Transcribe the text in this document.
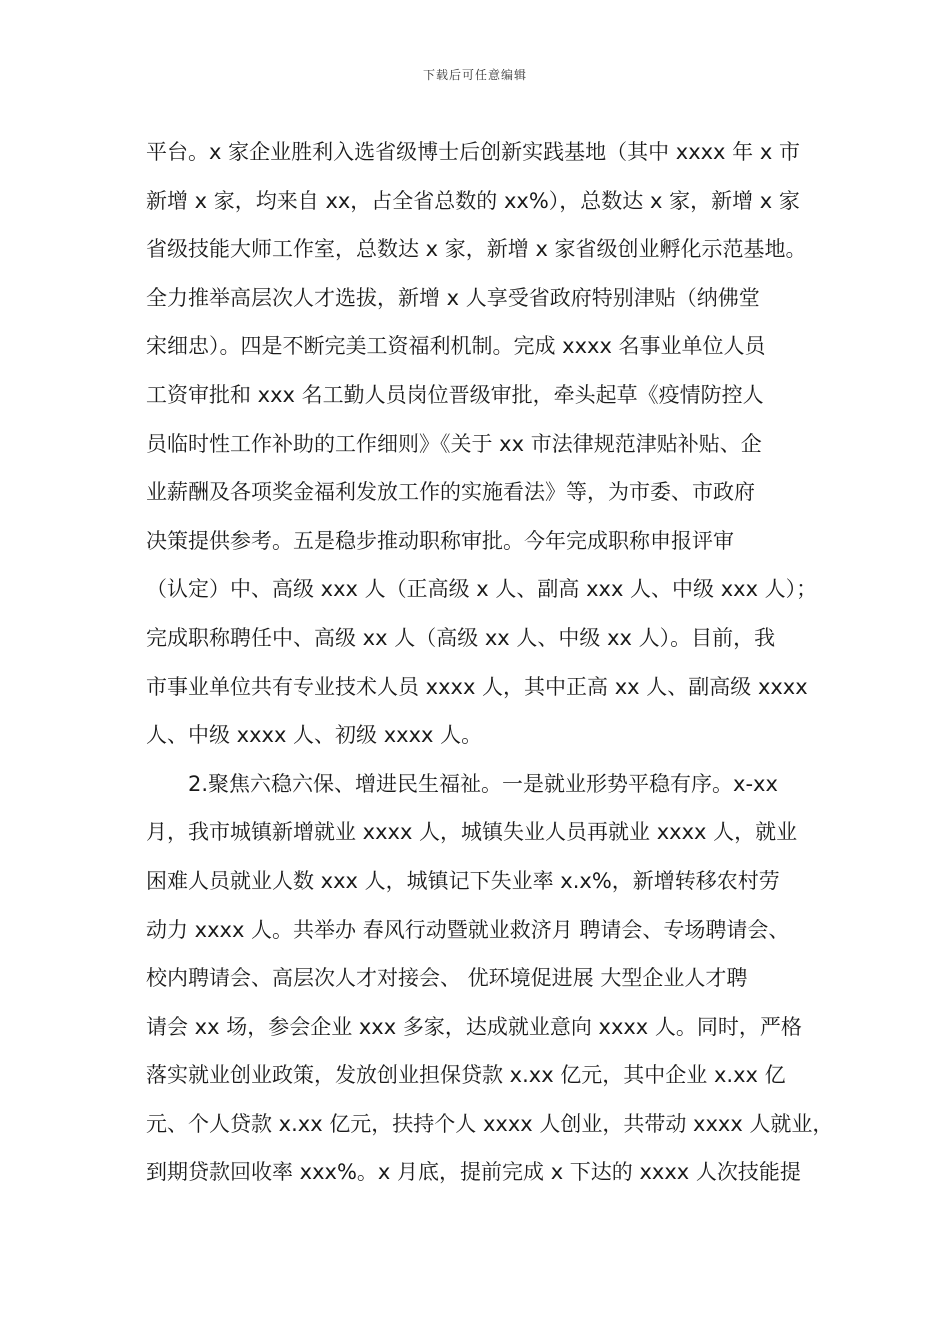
下载后可任意编辑
平台。x 家企业胜利入选省级博士后创新实践基地（其中 xxxx 年 x 市
新增 x 家，均来自 xx，占全省总数的 xx%），总数达 x 家，新增 x 家
省级技能大师工作室，总数达 x 家，新增 x 家省级创业孵化示范基地。
全力推举高层次人才选拔，新增 x 人享受省政府特别津贴（纳佛堂
宋细忠）。四是不断完美工资福利机制。完成 xxxx 名事业单位人员
工资审批和 xxx 名工勤人员岗位晋级审批，牵头起草《疫情防控人
员临时性工作补助的工作细则》《关于 xx 市法律规范津贴补贴、企
业薪酬及各项奖金福利发放工作的实施看法》等，为市委、市政府
决策提供参考。五是稳步推动职称审批。今年完成职称申报评审
（认定）中、高级 xxx 人（正高级 x 人、副高 xxx 人、中级 xxx 人）；
完成职称聘任中、高级 xx 人（高级 xx 人、中级 xx 人）。目前，我
市事业单位共有专业技术人员 xxxx 人，其中正高 xx 人、副高级 xxxx
人、中级 xxxx 人、初级 xxxx 人。
2.聚焦六稳六保、增进民生福祉。一是就业形势平稳有序。x-xx
月，我市城镇新增就业 xxxx 人，城镇失业人员再就业 xxxx 人，就业
困难人员就业人数 xxx 人，城镇记下失业率 x.x%，新增转移农村劳
动力 xxxx 人。共举办 春风行动暨就业救济月 聘请会、专场聘请会、
校内聘请会、高层次人才对接会、 优环境促进展 大型企业人才聘
请会 xx 场，参会企业 xxx 多家，达成就业意向 xxxx 人。同时，严格
落实就业创业政策，发放创业担保贷款 x.xx 亿元，其中企业 x.xx 亿
元、个人贷款 x.xx 亿元，扶持个人 xxxx 人创业，共带动 xxxx 人就业，
到期贷款回收率 xxx%。x 月底，提前完成 x 下达的 xxxx 人次技能提
